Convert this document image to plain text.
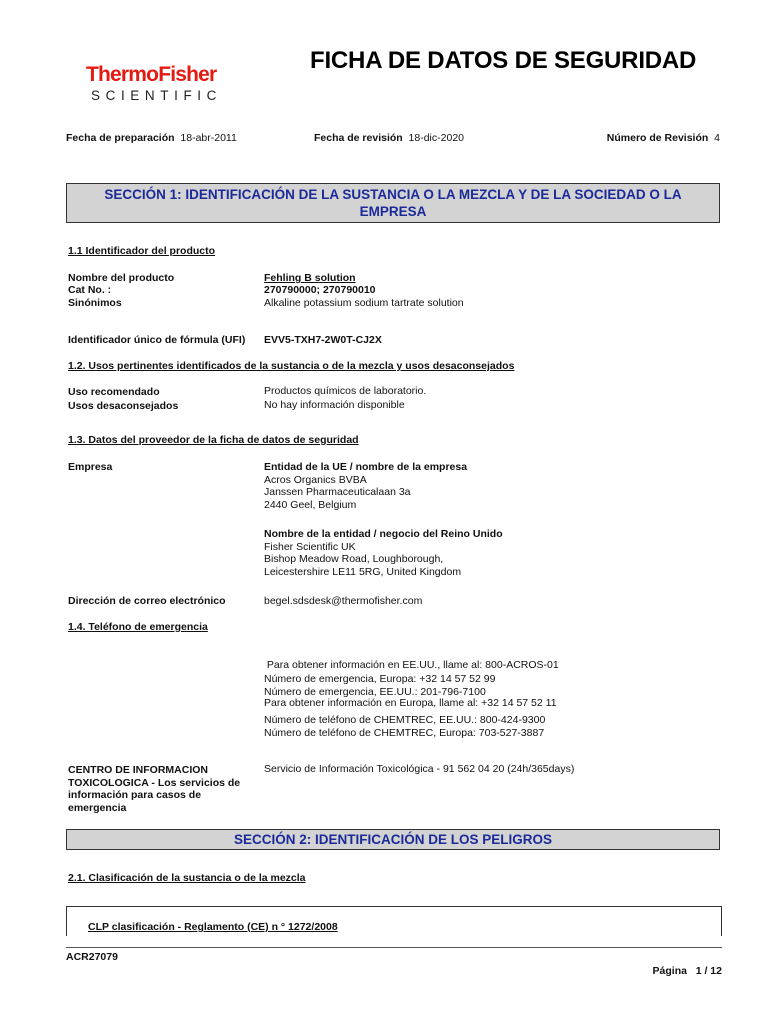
ThermoFisher
SCIENTIFIC
FICHA DE DATOS DE SEGURIDAD
Fecha de preparación 18-abr-2011	Fecha de revisión 18-dic-2020	Número de Revisión 4
SECCIÓN 1: IDENTIFICACIÓN DE LA SUSTANCIA O LA MEZCLA Y DE LA SOCIEDAD O LA
EMPRESA
1.1 Identificador del producto
Nombre del producto	Fehling B solution
Cat No. :	270790000; 270790010
Sinónimos	Alkaline potassium sodium tartrate solution
Identificador único de fórmula (UFI) EVV5-TXH7-2W0T-CJ2X
1.2. Usos pertinentes identificados de la sustancia o de la mezcla y usos desaconsejados
Uso recomendado	Productos químicos de laboratorio.
Usos desaconsejados	No hay información disponible
1.3. Datos del proveedor de la ficha de datos de seguridad
Empresa	Entidad de la UE / nombre de la empresa
Acros Organics BVBA
Janssen Pharmaceuticalaan 3a
2440 Geel, Belgium
Nombre de la entidad / negocio del Reino Unido
Fisher Scientific UK
Bishop Meadow Road, Loughborough,
Leicestershire LE11 5RG, United Kingdom
Dirección de correo electrónico	begel.sdsdesk@thermofisher.com
1.4. Teléfono de emergencia

Para obtener información en EE.UU., llame al: 800-ACROS-01

Para obtener información en Europa, llame al: +32 14 57 52 11

Número de emergencia, Europa: +32 14 57 52 99
Número de emergencia, EE.UU.: 201-796-7100
Número de teléfono de CHEMTREC, EE.UU.: 800-424-9300
Número de teléfono de CHEMTREC, Europa: 703-527-3887
CENTRO DE INFORMACION
TOXICOLOGICA - Los servicios de
información para casos de
emergencia
Servicio de Información Toxicológica - 91 562 04 20 (24h/365days)
SECCIÓN 2: IDENTIFICACIÓN DE LOS PELIGROS
2.1. Clasificación de la sustancia o de la mezcla
CLP clasificación - Reglamento (CE) n ° 1272/2008
ACR27079
Página 1 / 12
